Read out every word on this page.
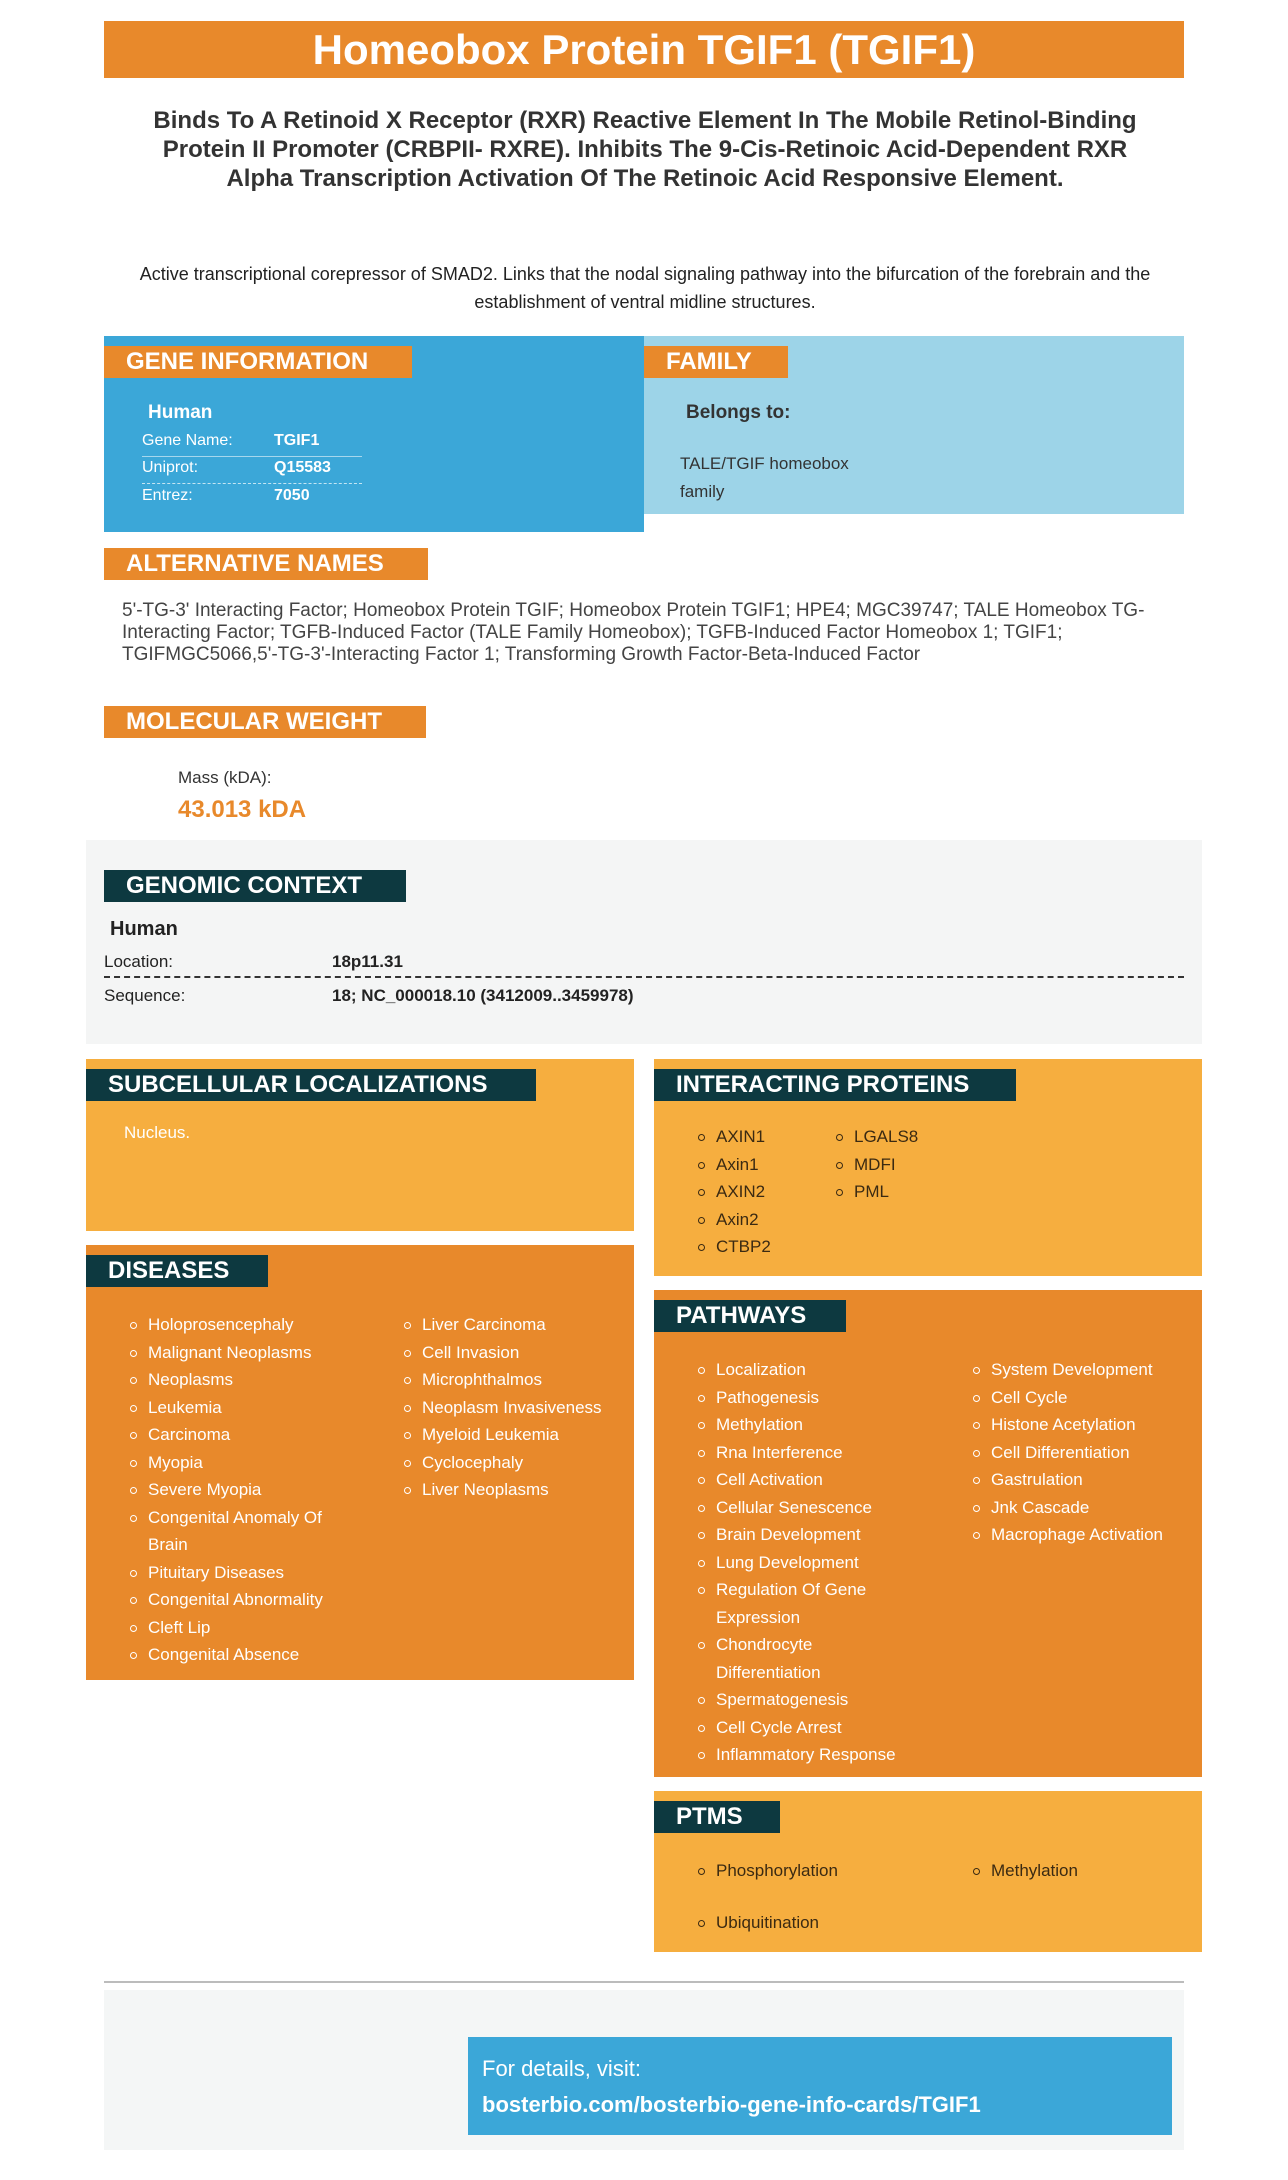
Homeobox Protein TGIF1 (TGIF1)
Binds To A Retinoid X Receptor (RXR) Reactive Element In The Mobile Retinol-Binding Protein II Promoter (CRBPII- RXRE). Inhibits The 9-Cis-Retinoic Acid-Dependent RXR Alpha Transcription Activation Of The Retinoic Acid Responsive Element.
Active transcriptional corepressor of SMAD2. Links that the nodal signaling pathway into the bifurcation of the forebrain and the establishment of ventral midline structures.
GENE INFORMATION
Human
Gene Name:	TGIF1
Uniprot:	Q15583
Entrez:	7050
FAMILY
Belongs to:
TALE/TGIF homeobox
family
ALTERNATIVE NAMES
5'-TG-3' Interacting Factor; Homeobox Protein TGIF; Homeobox Protein TGIF1; HPE4; MGC39747; TALE Homeobox TG-Interacting Factor; TGFB-Induced Factor (TALE Family Homeobox); TGFB-Induced Factor Homeobox 1; TGIF1; TGIFMGC5066,5'-TG-3'-Interacting Factor 1; Transforming Growth Factor-Beta-Induced Factor
MOLECULAR WEIGHT
Mass (kDA):
43.013 kDA
GENOMIC CONTEXT
Human
Location:	18p11.31
Sequence:	18; NC_000018.10 (3412009..3459978)
SUBCELLULAR LOCALIZATIONS
Nucleus.
INTERACTING PROTEINS
AXIN1
Axin1
AXIN2
Axin2
CTBP2
LGALS8
MDFI
PML
DISEASES
Holoprosencephaly
Malignant Neoplasms
Neoplasms
Leukemia
Carcinoma
Myopia
Severe Myopia
Congenital Anomaly Of Brain
Pituitary Diseases
Congenital Abnormality
Cleft Lip
Congenital Absence
Liver Carcinoma
Cell Invasion
Microphthalmos
Neoplasm Invasiveness
Myeloid Leukemia
Cyclocephaly
Liver Neoplasms
PATHWAYS
Localization
Pathogenesis
Methylation
Rna Interference
Cell Activation
Cellular Senescence
Brain Development
Lung Development
Regulation Of Gene Expression
Chondrocyte Differentiation
Spermatogenesis
Cell Cycle Arrest
Inflammatory Response
System Development
Cell Cycle
Histone Acetylation
Cell Differentiation
Gastrulation
Jnk Cascade
Macrophage Activation
PTMS
Phosphorylation
Ubiquitination
Methylation
For details, visit:
bosterbio.com/bosterbio-gene-info-cards/TGIF1
